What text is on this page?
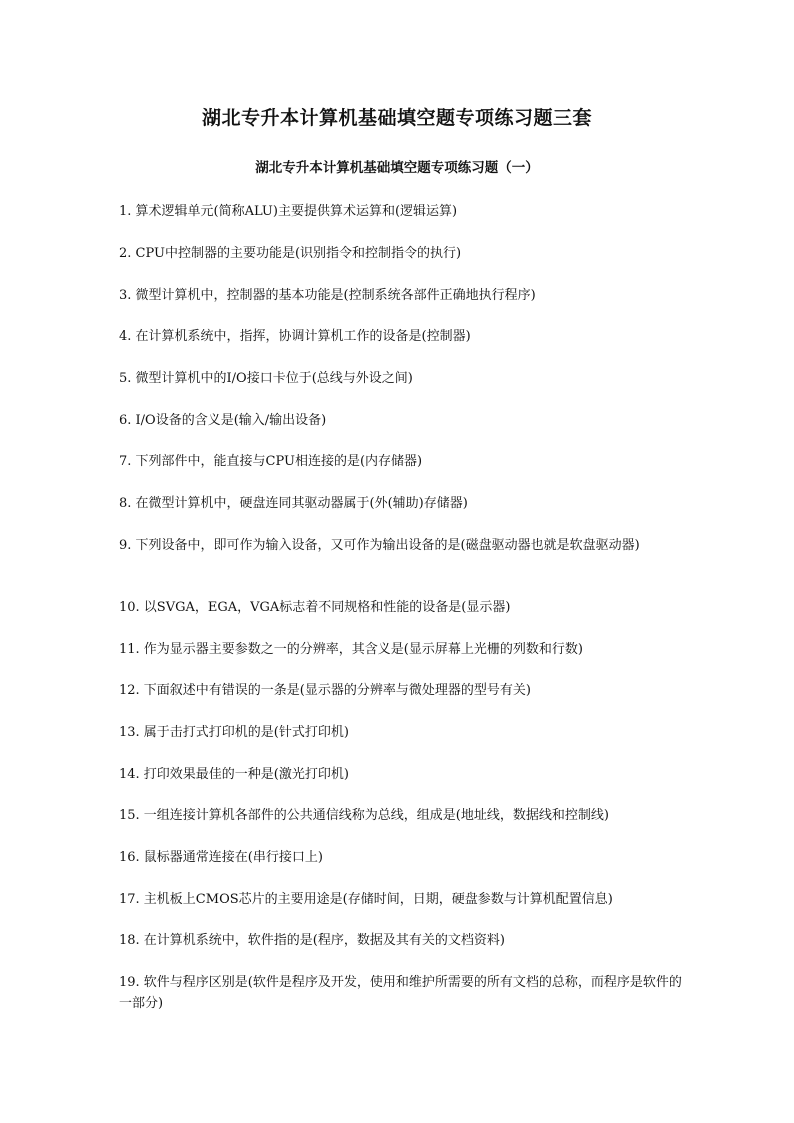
湖北专升本计算机基础填空题专项练习题三套
湖北专升本计算机基础填空题专项练习题（一）
1. 算术逻辑单元(简称ALU)主要提供算术运算和(逻辑运算)
2. CPU中控制器的主要功能是(识别指令和控制指令的执行)
3. 微型计算机中，控制器的基本功能是(控制系统各部件正确地执行程序)
4. 在计算机系统中，指挥，协调计算机工作的设备是(控制器)
5. 微型计算机中的I/O接口卡位于(总线与外设之间)
6. I/O设备的含义是(输入/输出设备)
7. 下列部件中，能直接与CPU相连接的是(内存储器)
8. 在微型计算机中，硬盘连同其驱动器属于(外(辅助)存储器)
9. 下列设备中，即可作为输入设备，又可作为输出设备的是(磁盘驱动器也就是软盘驱动器)
10. 以SVGA，EGA，VGA标志着不同规格和性能的设备是(显示器)
11. 作为显示器主要参数之一的分辨率，其含义是(显示屏幕上光栅的列数和行数)
12. 下面叙述中有错误的一条是(显示器的分辨率与微处理器的型号有关)
13. 属于击打式打印机的是(针式打印机)
14. 打印效果最佳的一种是(激光打印机)
15. 一组连接计算机各部件的公共通信线称为总线，组成是(地址线，数据线和控制线)
16. 鼠标器通常连接在(串行接口上)
17. 主机板上CMOS芯片的主要用途是(存储时间，日期，硬盘参数与计算机配置信息)
18. 在计算机系统中，软件指的是(程序，数据及其有关的文档资料)
19. 软件与程序区别是(软件是程序及开发，使用和维护所需要的所有文档的总称，而程序是软件的一部分)
